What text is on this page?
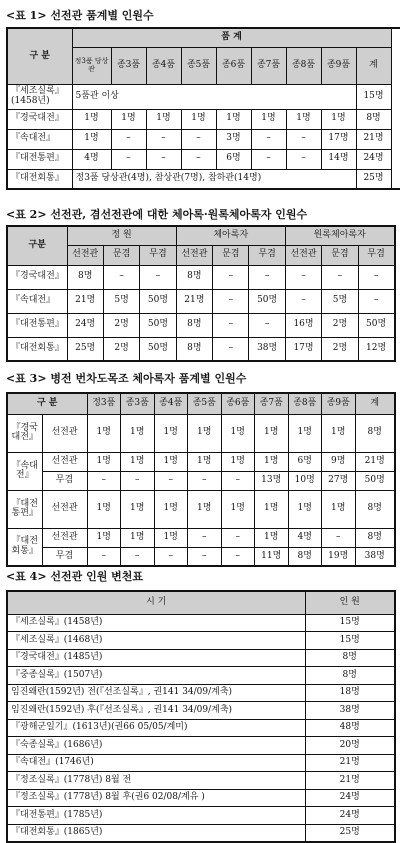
<표 1> 선전관 품계별 인원수
구 분	품 계								
	정3품 당상관	종3품	종4품	종5품	종6품	종7품	종8품	종9품	계
『세조실록』(1458년)	5품관 이상								15명
『경국대전』	1명	1명	1명	1명	1명	1명	1명	1명	8명
『속대전』	1명	–	–	–	3명	–	–	17명	21명
『대전통편』	4명	–	–	–	6명	–	–	14명	24명
『대전회통』	정3품 당상관(4명), 참상관(7명), 참하관(14명)								25명
<표 2> 선전관, 겸선전관에 대한 체아록·원록체아록자 인원수
구분	정 원			체아록자			원록체아록자		
	선전관	문겸	무겸	선전관	문겸	무겸	선전관	문겸	무겸
『경국대전』	8명	–	–	8명	–	–	–	–	–
『속대전』	21명	5명	50명	21명	–	50명	–	5명	–
『대전통편』	24명	2명	50명	8명	–	–	16명	2명	50명
『대전회통』	25명	2명	50명	8명	–	38명	17명	2명	12명
<표 3> 병전 번차도목조 체아록자 품계별 인원수
구 분		정3품	종3품	종4품	종5품	종6품	종7품	종8품	종9품	계
『경국대전』	선전관	1명	1명	1명	1명	1명	1명	1명	1명	8명
『속대전』	선전관	1명	1명	1명	1명	1명	1명	6명	9명	21명
	무겸	–	–	–	–	–	13명	10명	27명	50명
『대전통편』	선전관	1명	1명	1명	1명	1명	1명	1명	1명	8명
『대전회통』	선전관	1명	1명	1명	–	–	1명	4명	–	8명
	무겸	–	–	–	–	–	11명	8명	19명	38명
<표 4> 선전관 인원 변천표
시 기	인 원
『세조실록』(1458년)	15명
『세조실록』(1468년)	15명
『경국대전』(1485년)	8명
『중종실록』(1507년)	8명
임진왜란(1592년) 전(『선조실록』, 권141 34/09/계축)	18명
임진왜란(1592년) 후(『선조실록』, 권141 34/09/계축)	38명
『광해군일기』(1613년)(권66 05/05/계미)	48명
『숙종실록』(1686년)	20명
『속대전』(1746년)	21명
『정조실록』(1778년) 8월 전	21명
『정조실록』(1778년) 8월 후(권6 02/08/계유 )	24명
『대전통편』(1785년)	24명
『대전회통』(1865년)	25명
